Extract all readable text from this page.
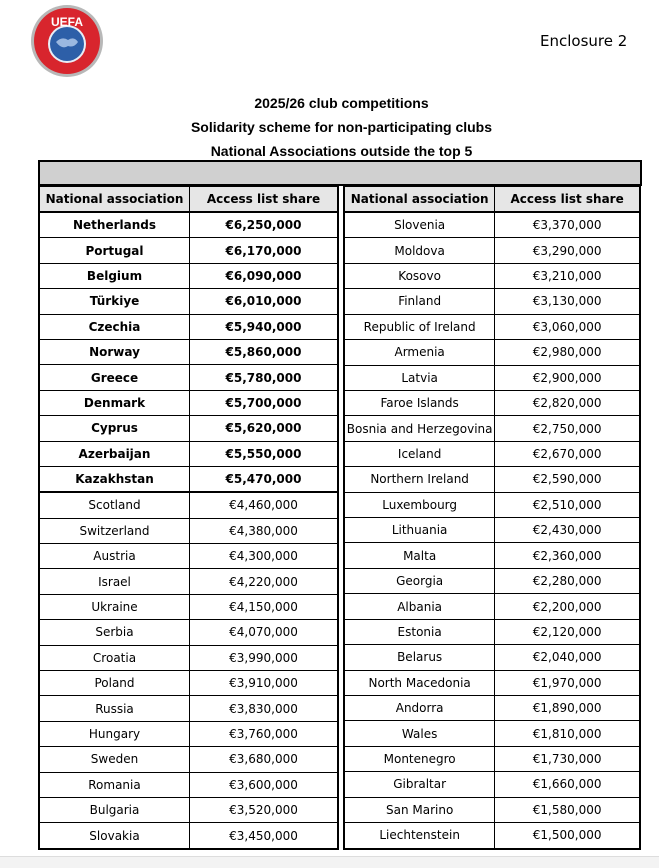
UEFA
Enclosure 2
2025/26 club competitions
Solidarity scheme for non-participating clubs
National Associations outside the top 5
National association	Access list share
Netherlands	€6,250,000
Portugal	€6,170,000
Belgium	€6,090,000
Türkiye	€6,010,000
Czechia	€5,940,000
Norway	€5,860,000
Greece	€5,780,000
Denmark	€5,700,000
Cyprus	€5,620,000
Azerbaijan	€5,550,000
Kazakhstan	€5,470,000
Scotland	€4,460,000
Switzerland	€4,380,000
Austria	€4,300,000
Israel	€4,220,000
Ukraine	€4,150,000
Serbia	€4,070,000
Croatia	€3,990,000
Poland	€3,910,000
Russia	€3,830,000
Hungary	€3,760,000
Sweden	€3,680,000
Romania	€3,600,000
Bulgaria	€3,520,000
Slovakia	€3,450,000
National association	Access list share
Slovenia	€3,370,000
Moldova	€3,290,000
Kosovo	€3,210,000
Finland	€3,130,000
Republic of Ireland	€3,060,000
Armenia	€2,980,000
Latvia	€2,900,000
Faroe Islands	€2,820,000
Bosnia and Herzegovina	€2,750,000
Iceland	€2,670,000
Northern Ireland	€2,590,000
Luxembourg	€2,510,000
Lithuania	€2,430,000
Malta	€2,360,000
Georgia	€2,280,000
Albania	€2,200,000
Estonia	€2,120,000
Belarus	€2,040,000
North Macedonia	€1,970,000
Andorra	€1,890,000
Wales	€1,810,000
Montenegro	€1,730,000
Gibraltar	€1,660,000
San Marino	€1,580,000
Liechtenstein	€1,500,000
